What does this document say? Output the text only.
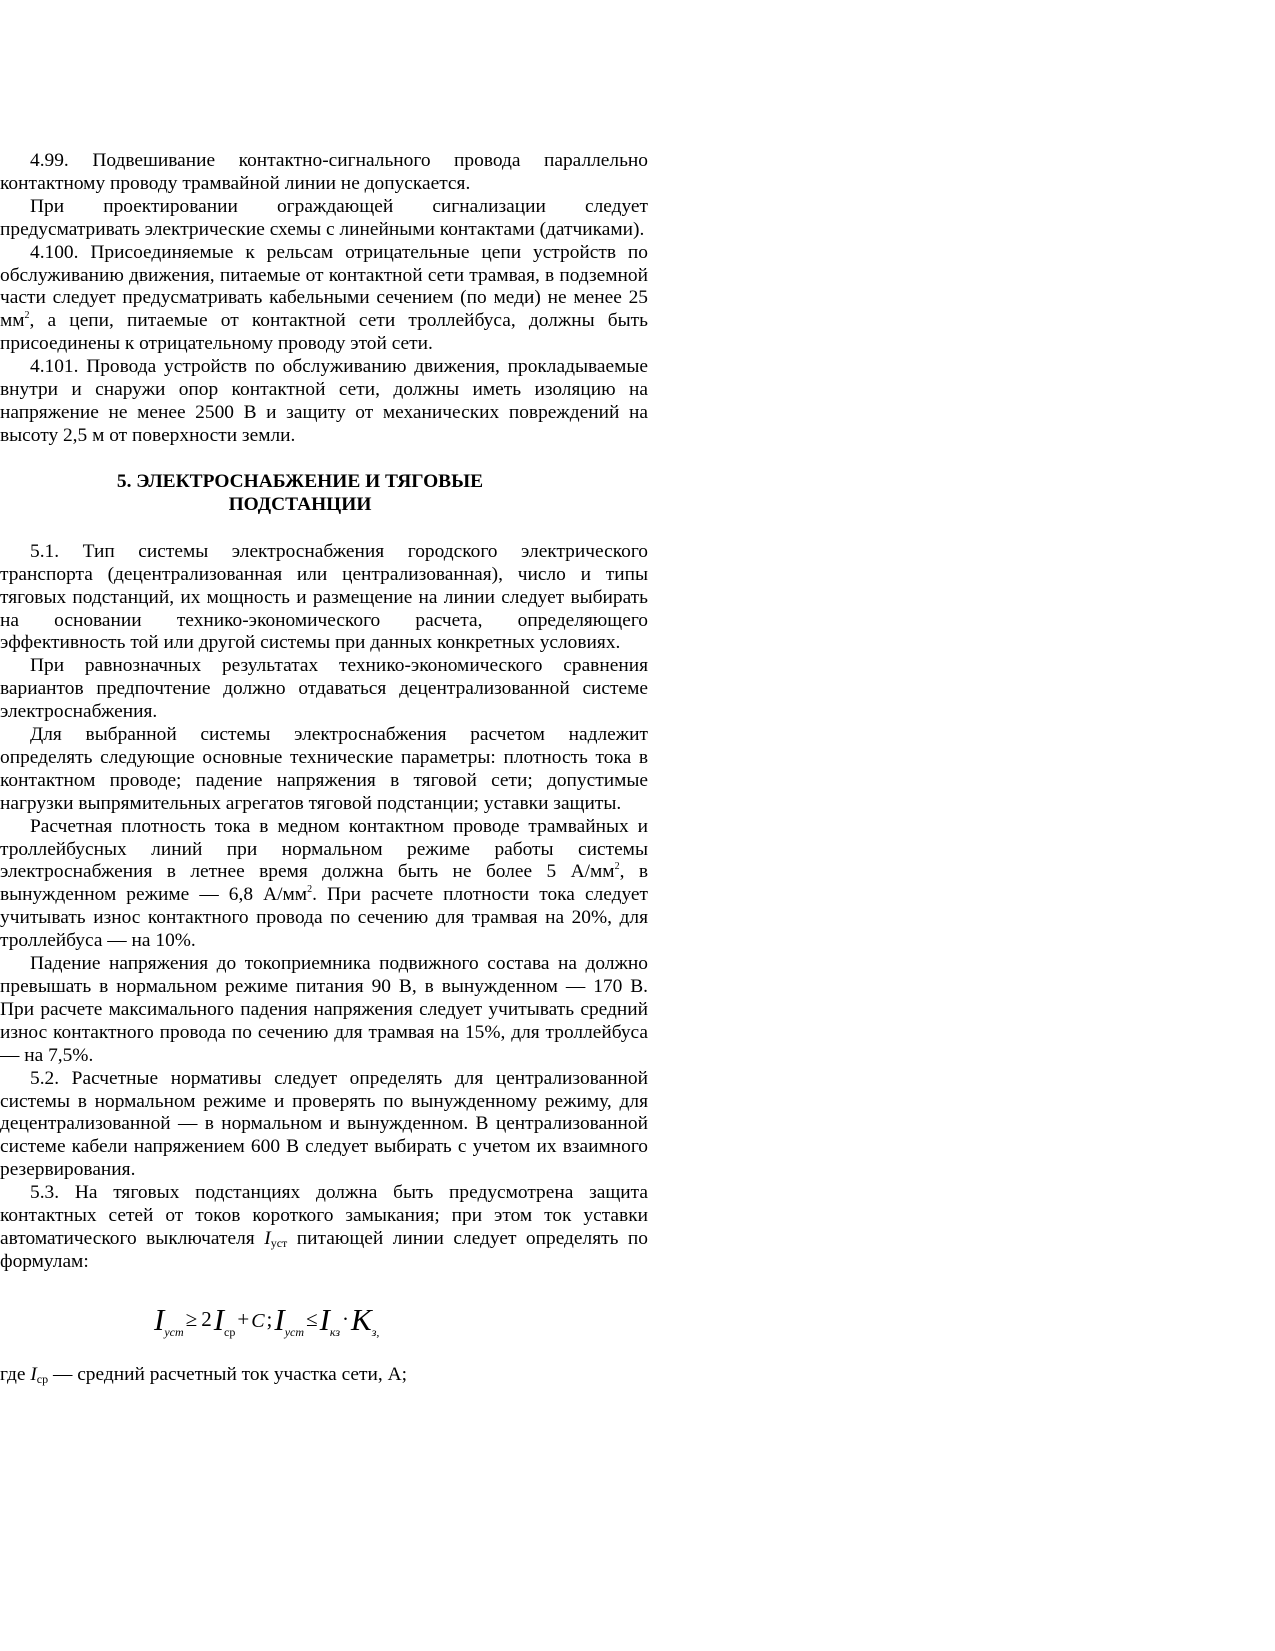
4.99. Подвешивание контактно-сигнального провода параллельно контактному проводу трамвайной линии не допускается.

При проектировании ограждающей сигнализации следует предусматривать электрические схемы с линейными контактами (датчиками).

4.100. Присоединяемые к рельсам отрицательные цепи устройств по обслуживанию движения, питаемые от контактной сети трамвая, в подземной части следует предусматривать кабельными сечением (по меди) не менее 25 $мм^2$, а цепи, питаемые от контактной сети троллейбуса, должны быть присоединены к отрицательному проводу этой сети.

4.101. Провода устройств по обслуживанию движения, прокладываемые внутри и снаружи опор контактной сети, должны иметь изоляцию на напряжение не менее 2500 В и защиту от механических повреждений на высоту 2,5 м от поверхности земли.

5. ЭЛЕКТРОСНАБЖЕНИЕ И ТЯГОВЫЕ
ПОДСТАНЦИИ

5.1. Тип системы электроснабжения городского электрического транспорта (децентрализованная или централизованная), число и типы тяговых подстанций, их мощность и размещение на линии следует выбирать на основании технико-экономического расчета, определяющего эффективность той или другой системы при данных конкретных условиях.

При равнозначных результатах технико-экономического сравнения вариантов предпочтение должно отдаваться децентрализованной системе электроснабжения.

Для выбранной системы электроснабжения расчетом надлежит определять следующие основные технические параметры: плотность тока в контактном проводе; падение напряжения в тяговой сети; допустимые нагрузки выпрямительных агрегатов тяговой подстанции; уставки защиты.

Расчетная плотность тока в медном контактном проводе трамвайных и троллейбусных линий при нормальном режиме работы системы электроснабжения в летнее время должна быть не более 5 $А/мм^2$, в вынужденном режиме — 6,8 $А/мм^2$. При расчете плотности тока следует учитывать износ контактного провода по сечению для трамвая на 20%, для троллейбуса — на 10%.

Падение напряжения до токоприемника подвижного состава на должно превышать в нормальном режиме питания 90 В, в вынужденном — 170 В. При расчете максимального падения напряжения следует учитывать средний износ контактного провода по сечению для трамвая на 15%, для троллейбуса — на 7,5%.

5.2. Расчетные нормативы следует определять для централизованной системы в нормальном режиме и проверять по вынужденному режиму, для децентрализованной — в нормальном и вынужденном. В централизованной системе кабели напряжением 600 В следует выбирать с учетом их взаимного резервирования.

5.3. На тяговых подстанциях должна быть предусмотрена защита контактных сетей от токов короткого замыкания; при этом ток уставки автоматического выключателя $I_{уст}$ питающей линии следует определять по формулам:

$I_{уст}\ge 2I_{ср}+$ $C;I_{уст}\le I_{кз}\cdot K_{з,}$

где $I_{ср}$ — средний расчетный ток участка сети, А;
